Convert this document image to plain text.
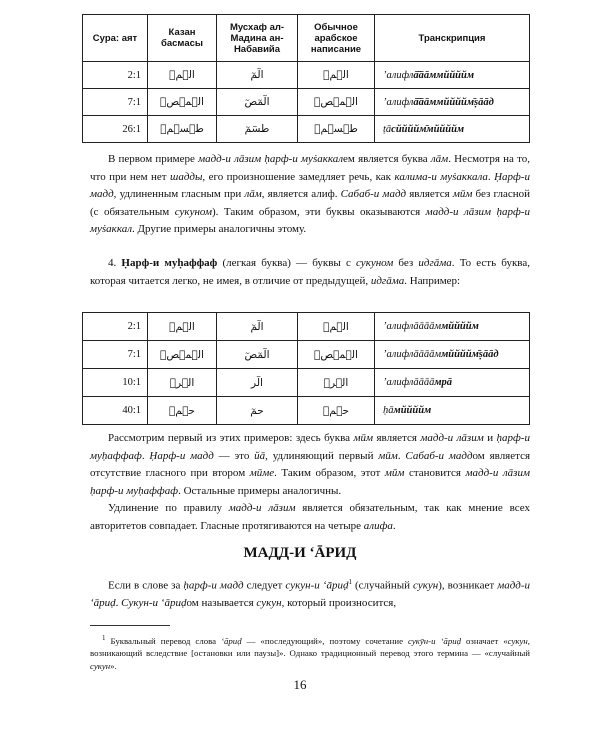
Сура: аят	Казан басмасы	Мусхаф ал-Мадина ан-Набавийа	Обычное арабское написание	Транскрипция
2:1	الۤمۤ	الٓمٓ	الۤمۤ	ʼалифлā̄āāммййййм
7:1	الۤمۤصۤ	الٓمٓصٓ	الۤمۤصۤ	ʼалифлā̄āāммййййм̄ṣāāд
26:1	طۤسۤمۤ	طسٓمٓ	طۤسۤمۤ	ṭāсййййм̄мййййм

В первом примере мадд-и лāзим ḥарф-и муṡаккалем является буква лāм. Несмотря на то, что при нем нет шадды, его произношение замедляет речь, как калима-и муṡаккала. Ḥарф-и мадд, удлиненным гласным при лāм, является алиф. Сабаб-и мадд является мūм без гласной (с обязательным сукуном). Таким образом, эти буквы оказываются мадд-и лāзим ḥарф-и муṡаккал. Другие примеры аналогичны этому.

4. Ḥарф-и муḥаффаф (легкая буква) — буквы с сукуном без идгāма. То есть буква, которая читается легко, не имея, в отличие от предыдущей, идгāма. Например:

2:1	الۤمۤ	الٓمٓ	الۤمۤ	ʼалифлāāāāммййййм
7:1	الۤمۤصۤ	الٓمٓصٓ	الۤمۤصۤ	ʼалифлāāāāммййййм̄ṣāāд
10:1	الۤرۤ	الٓر	الۤرۤ	ʼалифлāāāāмрā
40:1	حۤمۤ	حمٓ	حۤمۤ	ḥāмййййм

Рассмотрим первый из этих примеров: здесь буква мūм является мадд-и лāзим и ḥарф-и муḥаффаф. Ḥарф-и мадд — это йā, удлиняющий первый мūм. Сабаб-и маддом является отсутствие гласного при втором мūме. Таким образом, этот мūм становится мадд-и лāзим ḥарф-и муḥаффаф. Остальные примеры аналогичны.

Удлинение по правилу мадд-и лāзим является обязательным, так как мнение всех авторитетов совпадает. Гласные протягиваются на четыре алифа.

МАДД-И ʻĀРИД

Если в слове за ḥарф-и мадд следует сукун-и ʻāриḍ$^1$ (случайный сукун), возникает мадд-и ʻāриḍ. Сукун-и ʻāриḍом называется сукун, который произносится,

$^1$ Буквальный перевод слова ʻāриḍ — «последующий», поэтому сочетание сукӯн-и ʻāриḍ означает «сукун, возникающий вследствие [остановки или паузы]». Однако традиционный перевод этого термина — «случайный сукун».

16
